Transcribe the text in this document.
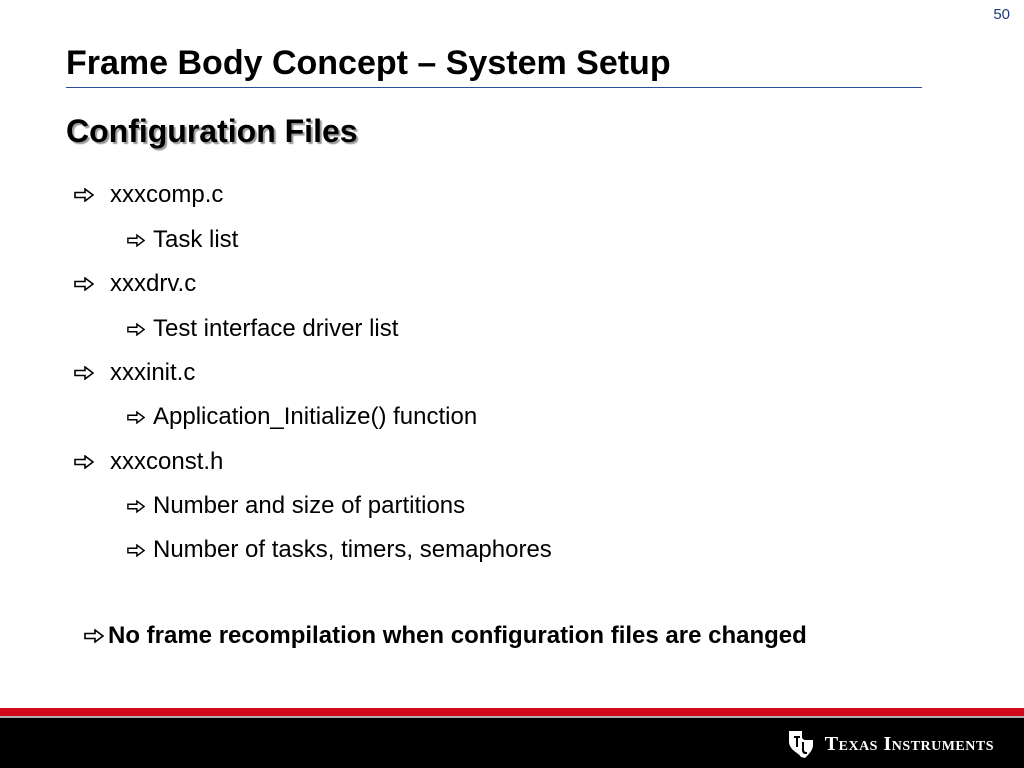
50
Frame Body Concept – System Setup
Configuration Files
xxxcomp.c
Task list
xxxdrv.c
Test interface driver list
xxxinit.c
Application_Initialize() function
xxxconst.h
Number and size of partitions
Number of tasks, timers, semaphores
No frame recompilation when configuration files are changed
Texas Instruments
